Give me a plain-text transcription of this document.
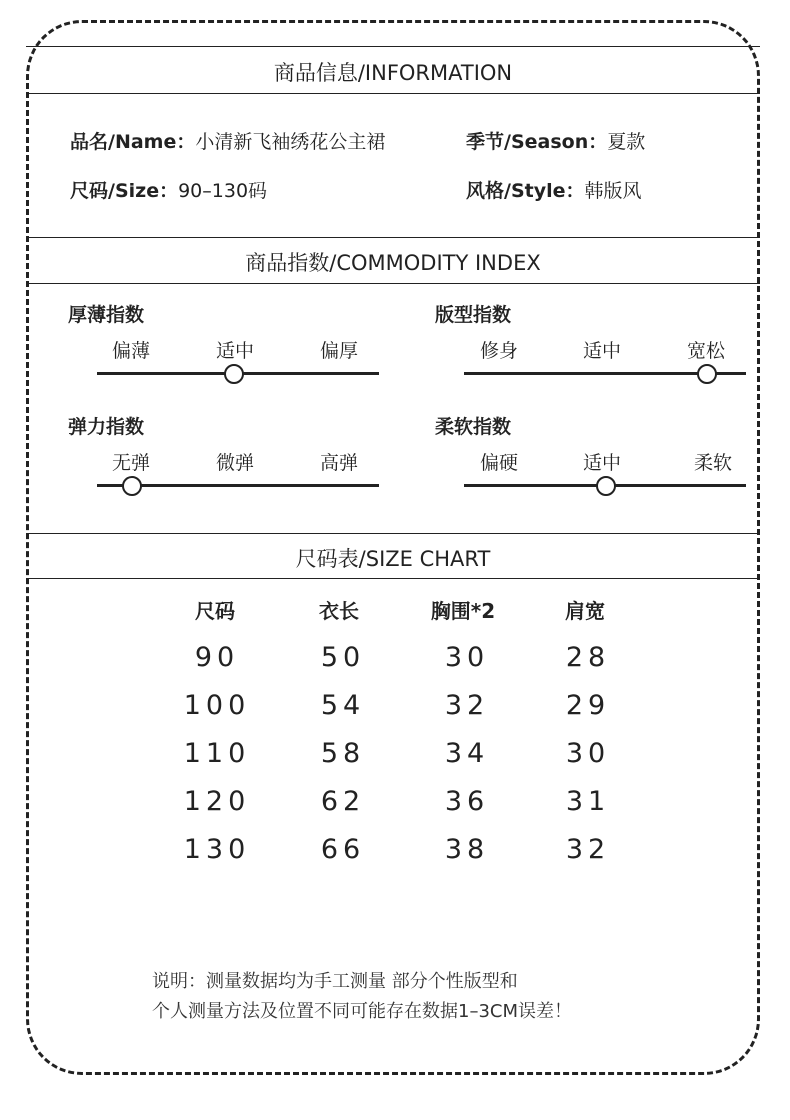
商品信息/INFORMATION
品名/Name：小清新飞袖绣花公主裙	季节/Season：夏款
尺码/Size：90–130码	风格/Style：韩版风
商品指数/COMMODITY INDEX
厚薄指数
偏薄	适中	偏厚
版型指数
修身	适中	宽松
弹力指数
无弹	微弹	高弹
柔软指数
偏硬	适中	柔软
尺码表/SIZE CHART
尺码	衣长	胸围*2	肩宽
90	50	30	28
100	54	32	29
110	58	34	30
120	62	36	31
130	66	38	32
说明：测量数据均为手工测量 部分个性版型和
个人测量方法及位置不同可能存在数据1–3CM误差！
